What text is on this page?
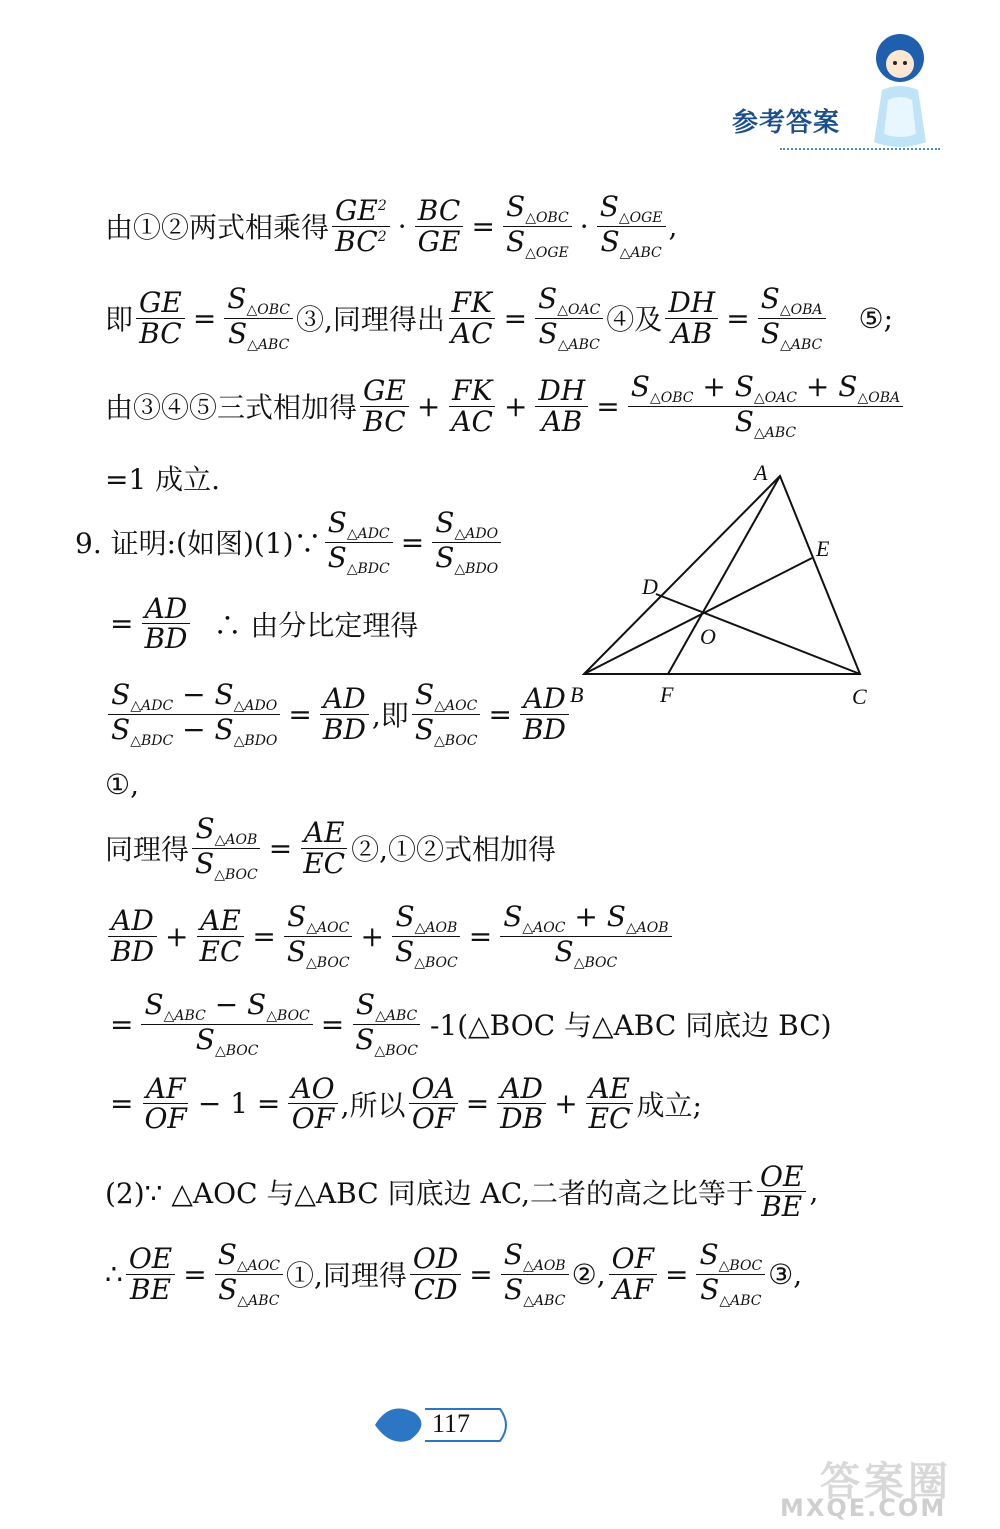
参考答案
由①②两式相乘得 $\frac{GE^2}{BC^2} \cdot \frac{BC}{GE} = \frac{S_{\triangle OBC}}{S_{\triangle OGE}} \cdot \frac{S_{\triangle OGE}}{S_{\triangle ABC}}$ ,
即 $\frac{GE}{BC} = \frac{S_{\triangle OBC}}{S_{\triangle ABC}}$ ③,同理得出 $\frac{FK}{AC} = \frac{S_{\triangle OAC}}{S_{\triangle ABC}}$ ④及 $\frac{DH}{AB} = \frac{S_{\triangle OBA}}{S_{\triangle ABC}}$ ⑤;
由③④⑤三式相加得 $\frac{GE}{BC} + \frac{FK}{AC} + \frac{DH}{AB} = \frac{S_{\triangle OBC} + S_{\triangle OAC} + S_{\triangle OBA}}{S_{\triangle ABC}}$
=1 成立.
9. 证明:(如图)(1)∵ $\frac{S_{\triangle ADC}}{S_{\triangle BDC}} = \frac{S_{\triangle ADO}}{S_{\triangle BDO}}$
= $\frac{AD}{BD}$ ∴ 由分比定理得
$\frac{S_{\triangle ADC} - S_{\triangle ADO}}{S_{\triangle BDC} - S_{\triangle BDO}} = \frac{AD}{BD}$ ,即 $\frac{S_{\triangle AOC}}{S_{\triangle BOC}} = \frac{AD}{BD}$
①,
同理得 $\frac{S_{\triangle AOB}}{S_{\triangle BOC}} = \frac{AE}{EC}$ ②,①②式相加得
$\frac{AD}{BD} + \frac{AE}{EC} = \frac{S_{\triangle AOC}}{S_{\triangle BOC}} + \frac{S_{\triangle AOB}}{S_{\triangle BOC}} = \frac{S_{\triangle AOC} + S_{\triangle AOB}}{S_{\triangle BOC}}$
= $\frac{S_{\triangle ABC} - S_{\triangle BOC}}{S_{\triangle BOC}} = \frac{S_{\triangle ABC}}{S_{\triangle BOC}}$ -1(△BOC 与△ABC 同底边 BC)
= $\frac{AF}{OF} - 1 = \frac{AO}{OF}$ ,所以 $\frac{OA}{OF} = \frac{AD}{DB} + \frac{AE}{EC}$ 成立;
(2)∵ △AOC 与△ABC 同底边 AC,二者的高之比等于 $\frac{OE}{BE}$ ,
∴ $\frac{OE}{BE} = \frac{S_{\triangle AOC}}{S_{\triangle ABC}}$ ①,同理得 $\frac{OD}{CD} = \frac{S_{\triangle AOB}}{S_{\triangle ABC}}$ ②, $\frac{OF}{AF} = \frac{S_{\triangle BOC}}{S_{\triangle ABC}}$ ③,
A
B	C
D
E
F
O
117
答案圈
MXQE.COM
